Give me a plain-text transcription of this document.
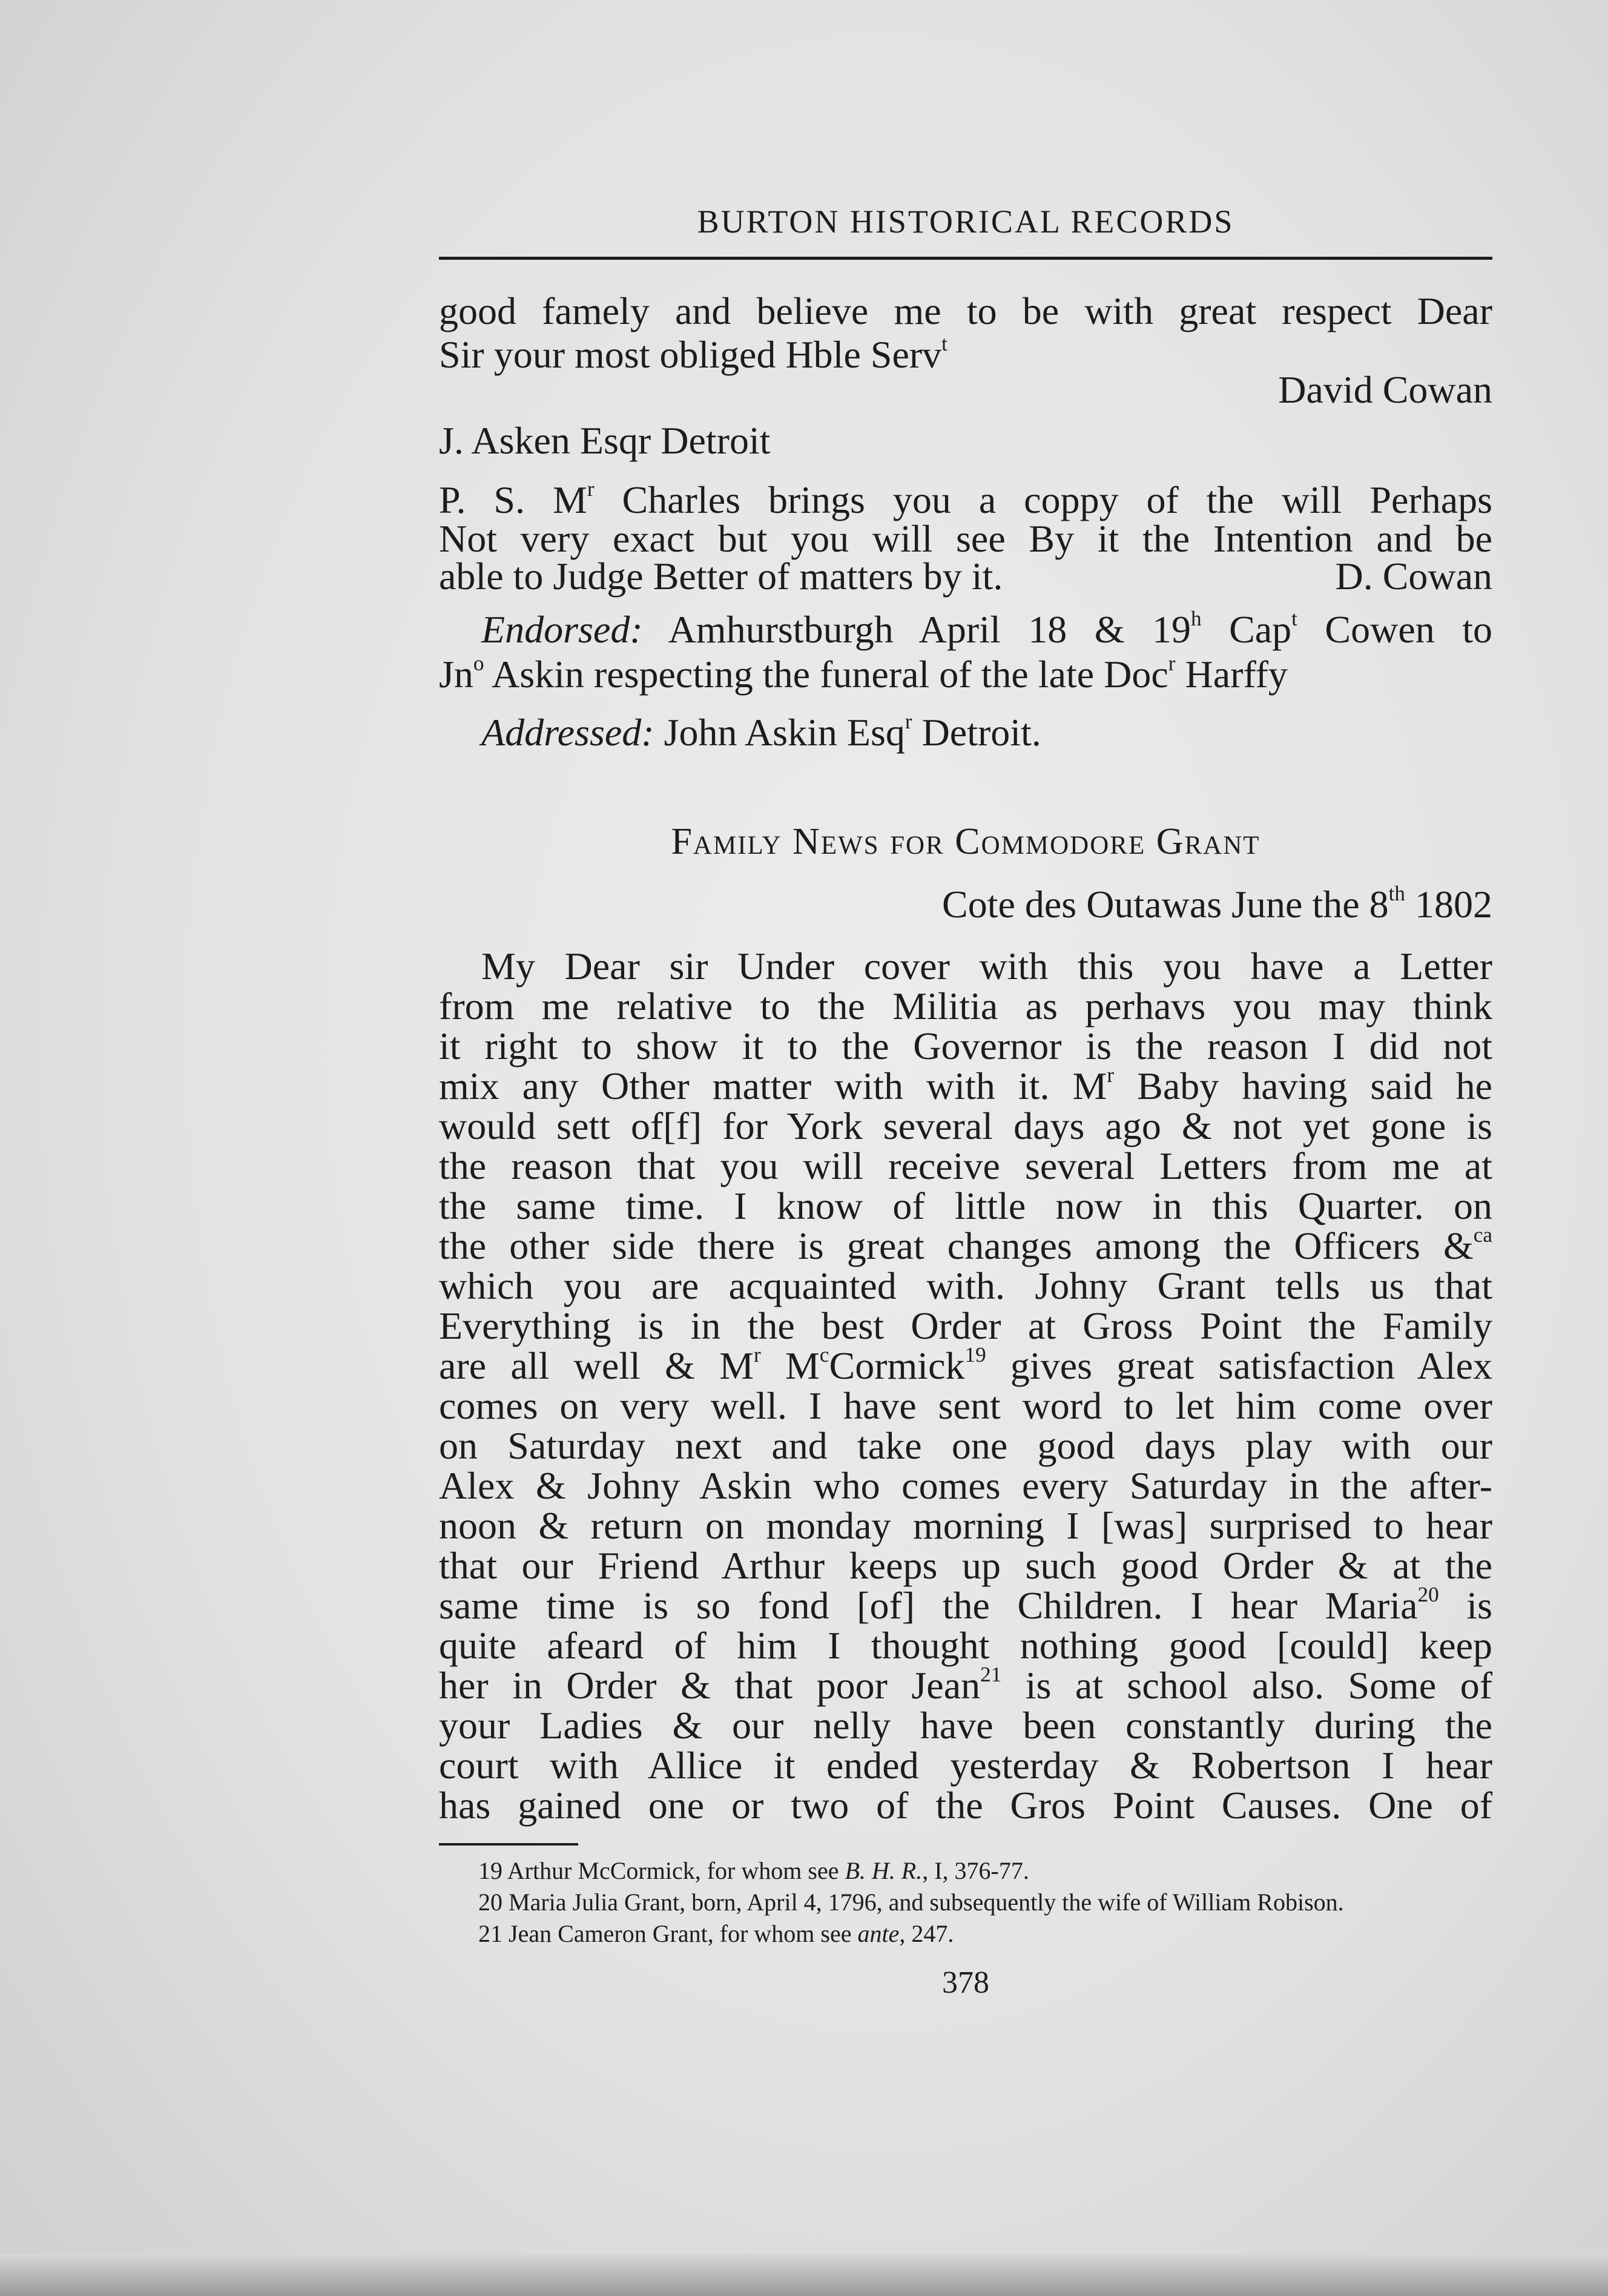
BURTON HISTORICAL RECORDS
good famely and believe me to be with great respect Dear
Sir your most obliged Hble Serv$^t$
David Cowan
J. Asken Esqr Detroit
P. S. $M^r$ Charles brings you a coppy of the will Perhaps
Not very exact but you will see By it the Intention and be
able to Judge Better of matters by it.	D. Cowan
Endorsed: Amhurstburgh April 18 & 19$^h$ Cap$^t$ Cowen to
Jn$^o$ Askin respecting the funeral of the late Doc$^r$ Harffy
Addressed: John Askin Esq$^r$ Detroit.
Family News for Commodore Grant
Cote des Outawas June the 8th 1802
My Dear sir Under cover with this you have a Letter
from me relative to the Militia as perhavs you may think
it right to show it to the Governor is the reason I did not
mix any Other matter with with it. $M^r$ Baby having said he
would sett of[f] for York several days ago & not yet gone is
the reason that you will receive several Letters from me at
the same time. I know of little now in this Quarter. on
the other side there is great changes among the Officers &$^{ca}$
which you are acquainted with. Johny Grant tells us that
Everything is in the best Order at Gross Point the Family
are all well & $M^r$ $M^cCormick^{19}$ gives great satisfaction Alex
comes on very well. I have sent word to let him come over
on Saturday next and take one good days play with our
Alex & Johny Askin who comes every Saturday in the after-
noon & return on monday morning I [was] surprised to hear
that our Friend Arthur keeps up such good Order & at the
same time is so fond [of] the Children. I hear Maria$^{20}$ is
quite afeard of him I thought nothing good [could] keep
her in Order & that poor Jean$^{21}$ is at school also. Some of
your Ladies & our nelly have been constantly during the
court with Allice it ended yesterday & Robertson I hear
has gained one or two of the Gros Point Causes. One of
19 Arthur McCormick, for whom see B. H. R., I, 376-77.
20 Maria Julia Grant, born, April 4, 1796, and subsequently the wife of William Robison.
21 Jean Cameron Grant, for whom see ante, 247.
378
